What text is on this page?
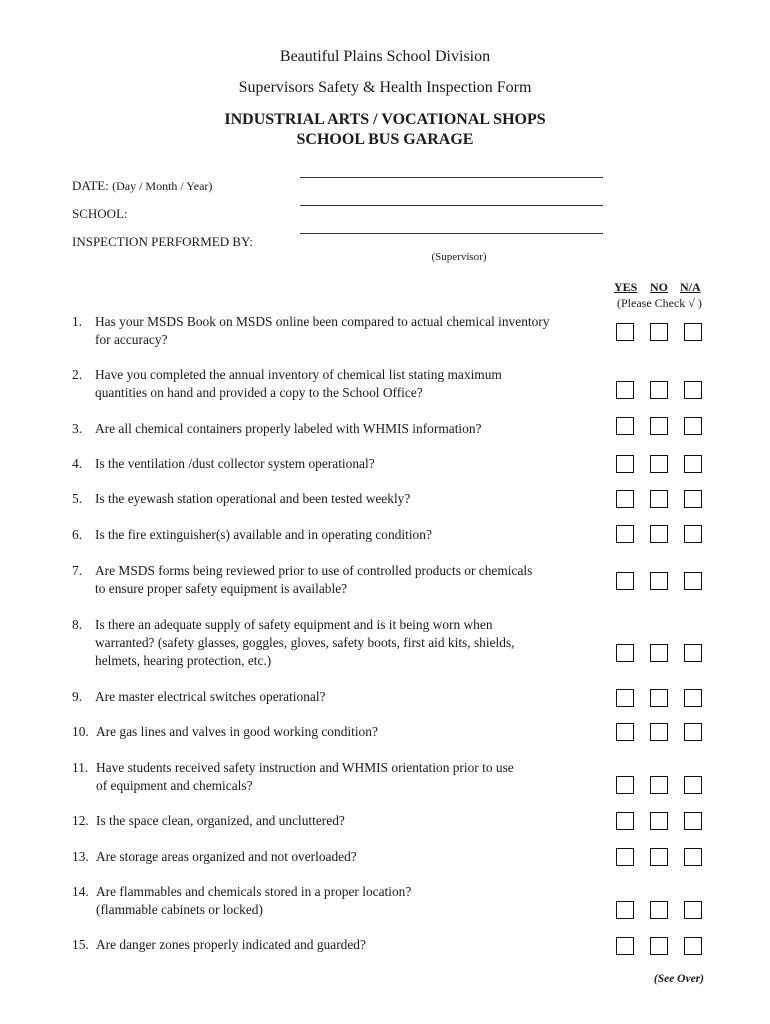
Beautiful Plains School Division
Supervisors Safety & Health Inspection Form
INDUSTRIAL ARTS / VOCATIONAL SHOPS
SCHOOL BUS GARAGE
DATE: (Day / Month / Year)
SCHOOL:
INSPECTION PERFORMED BY:
(Supervisor)
YES NO N/A
(Please Check √ )
1. Has your MSDS Book on MSDS online been compared to actual chemical inventory
for accuracy?
2. Have you completed the annual inventory of chemical list stating maximum
quantities on hand and provided a copy to the School Office?
3. Are all chemical containers properly labeled with WHMIS information?
4. Is the ventilation /dust collector system operational?
5. Is the eyewash station operational and been tested weekly?
6. Is the fire extinguisher(s) available and in operating condition?
7. Are MSDS forms being reviewed prior to use of controlled products or chemicals
to ensure proper safety equipment is available?
8. Is there an adequate supply of safety equipment and is it being worn when
warranted? (safety glasses, goggles, gloves, safety boots, first aid kits, shields,
helmets, hearing protection, etc.)
9. Are master electrical switches operational?
10. Are gas lines and valves in good working condition?
11. Have students received safety instruction and WHMIS orientation prior to use
of equipment and chemicals?
12. Is the space clean, organized, and uncluttered?
13. Are storage areas organized and not overloaded?
14. Are flammables and chemicals stored in a proper location?
(flammable cabinets or locked)
15. Are danger zones properly indicated and guarded?
(See Over)
